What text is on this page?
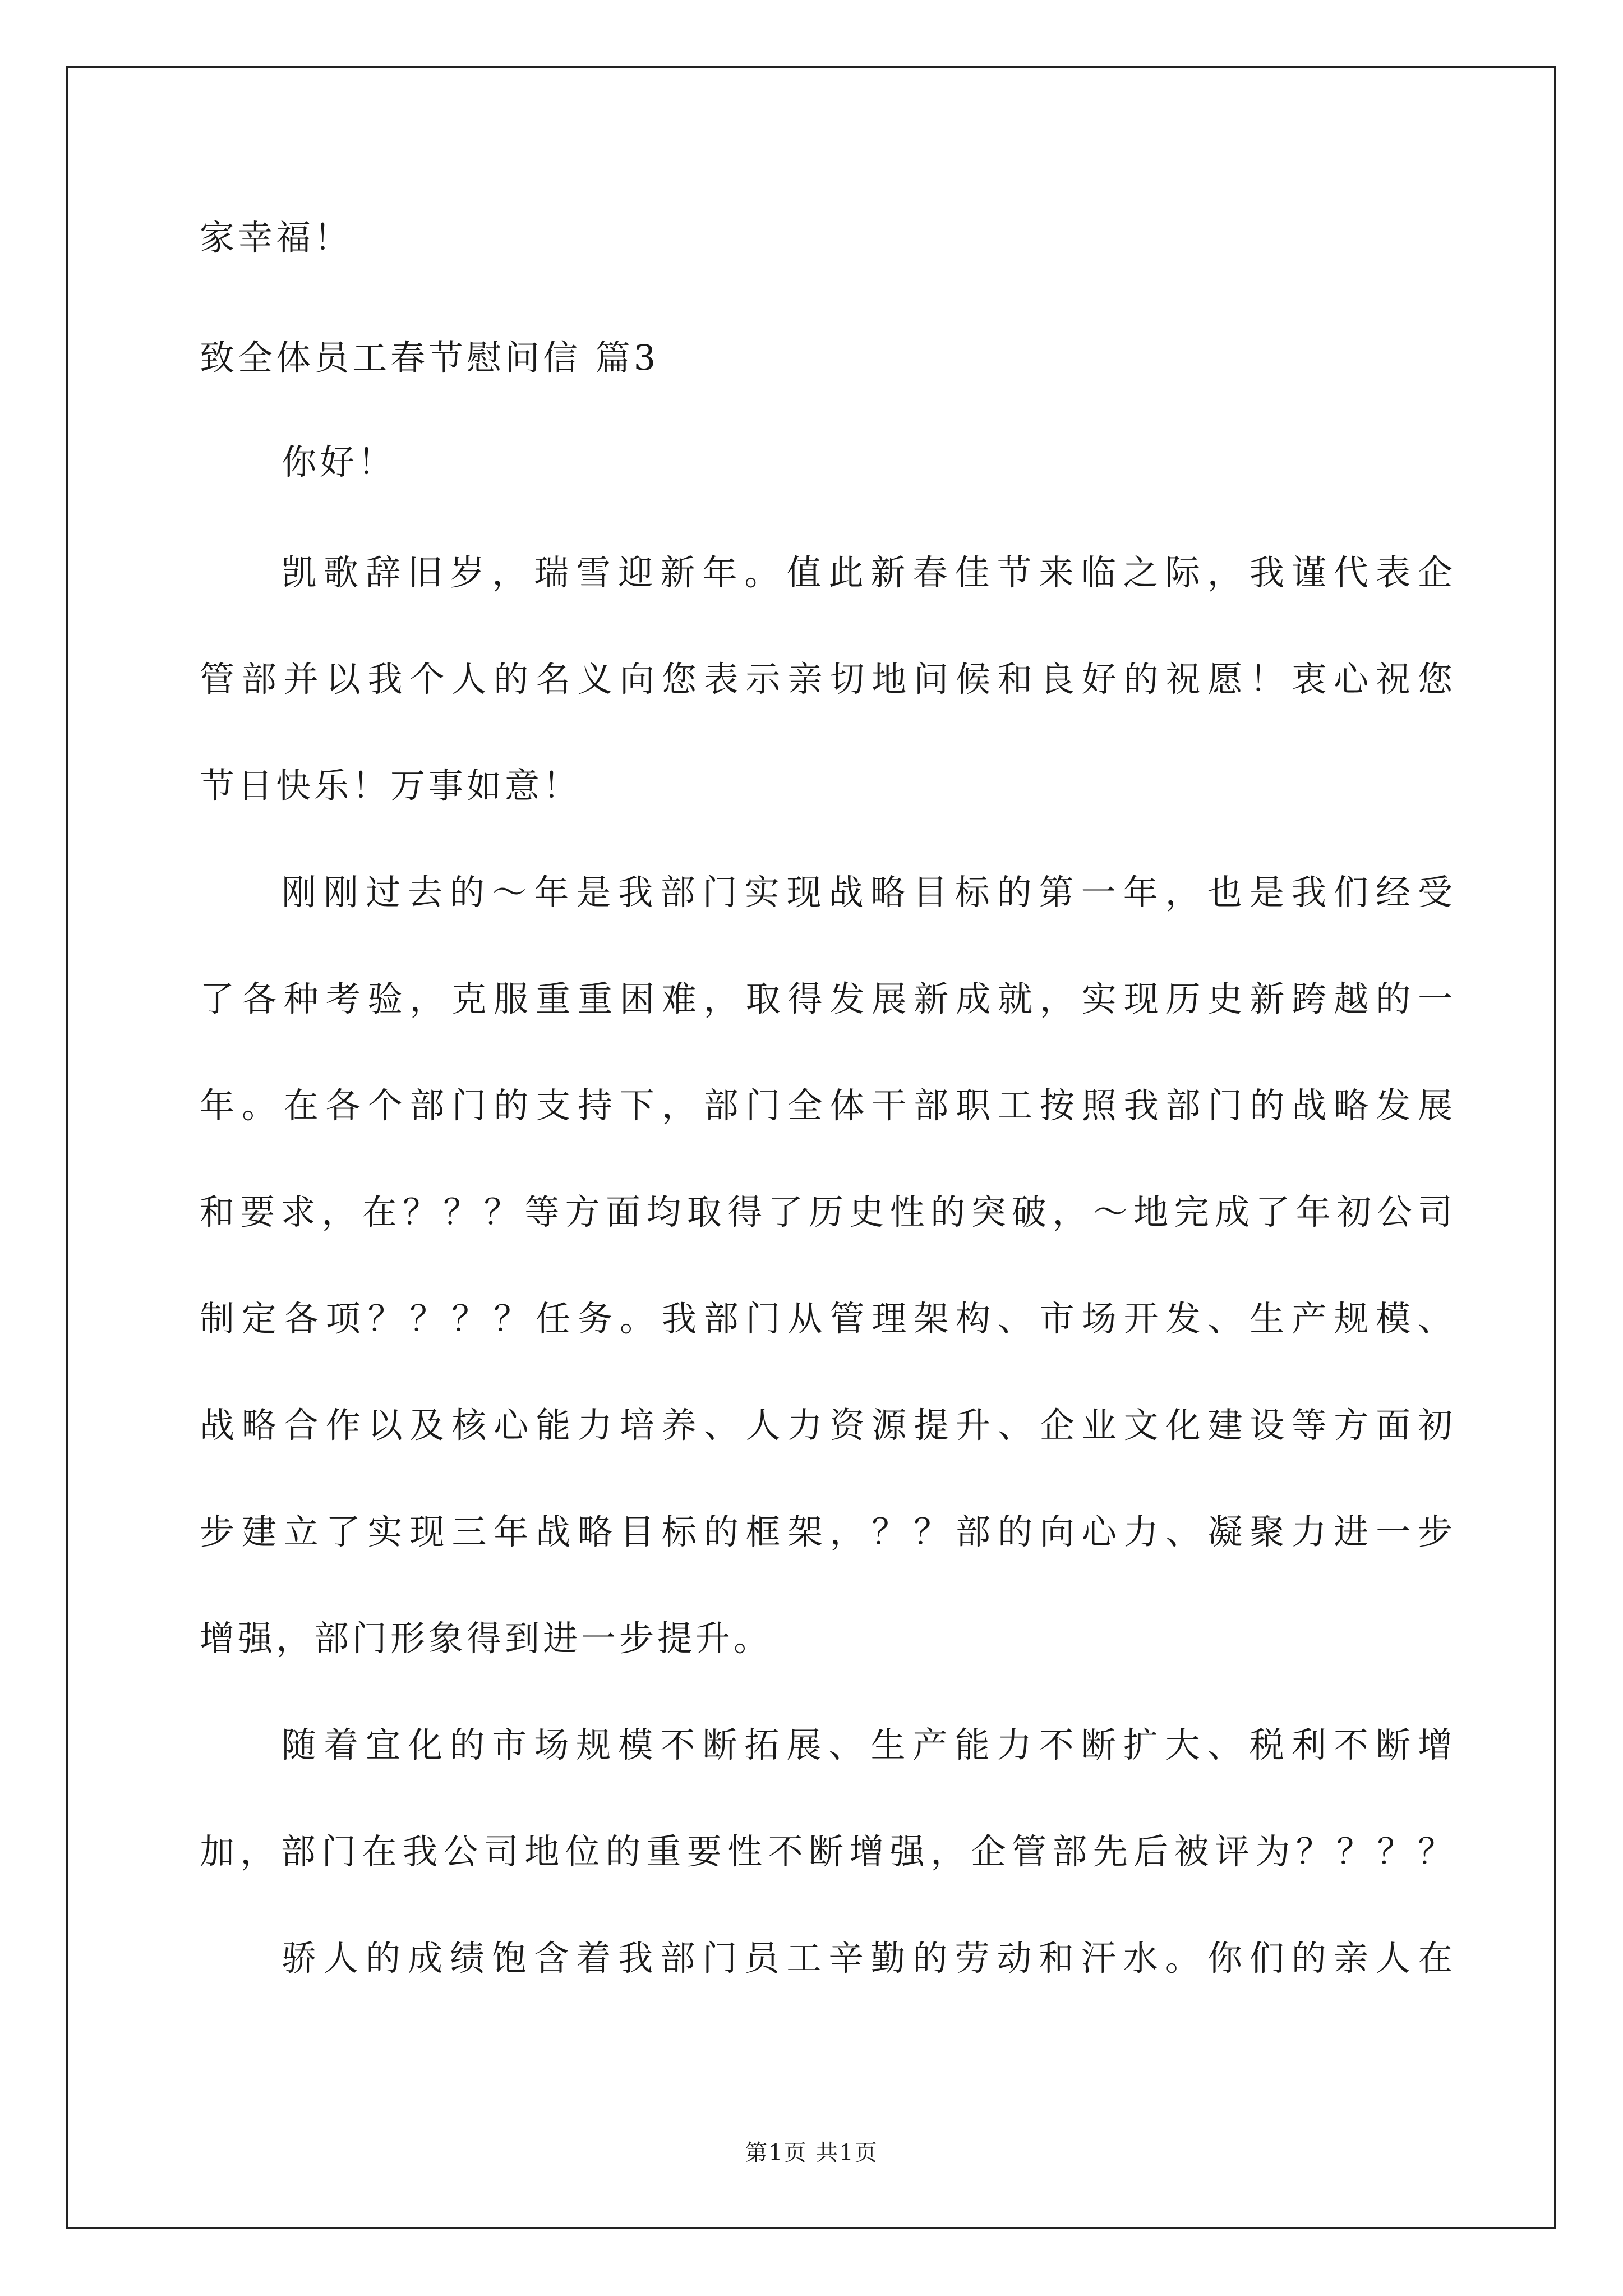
家幸福！
致全体员工春节慰问信 篇3
你好！
凯歌辞旧岁，瑞雪迎新年。值此新春佳节来临之际，我谨代表企
管部并以我个人的名义向您表示亲切地问候和良好的祝愿！衷心祝您
节日快乐！万事如意！
刚刚过去的～年是我部门实现战略目标的第一年，也是我们经受
了各种考验，克服重重困难，取得发展新成就，实现历史新跨越的一
年。在各个部门的支持下，部门全体干部职工按照我部门的战略发展
和要求，在？？？等方面均取得了历史性的突破，～地完成了年初公司
制定各项？？？？任务。我部门从管理架构、市场开发、生产规模、
战略合作以及核心能力培养、人力资源提升、企业文化建设等方面初
步建立了实现三年战略目标的框架，？？部的向心力、凝聚力进一步
增强，部门形象得到进一步提升。
随着宜化的市场规模不断拓展、生产能力不断扩大、税利不断增
加，部门在我公司地位的重要性不断增强，企管部先后被评为？？？？
骄人的成绩饱含着我部门员工辛勤的劳动和汗水。你们的亲人在
第1页 共1页
